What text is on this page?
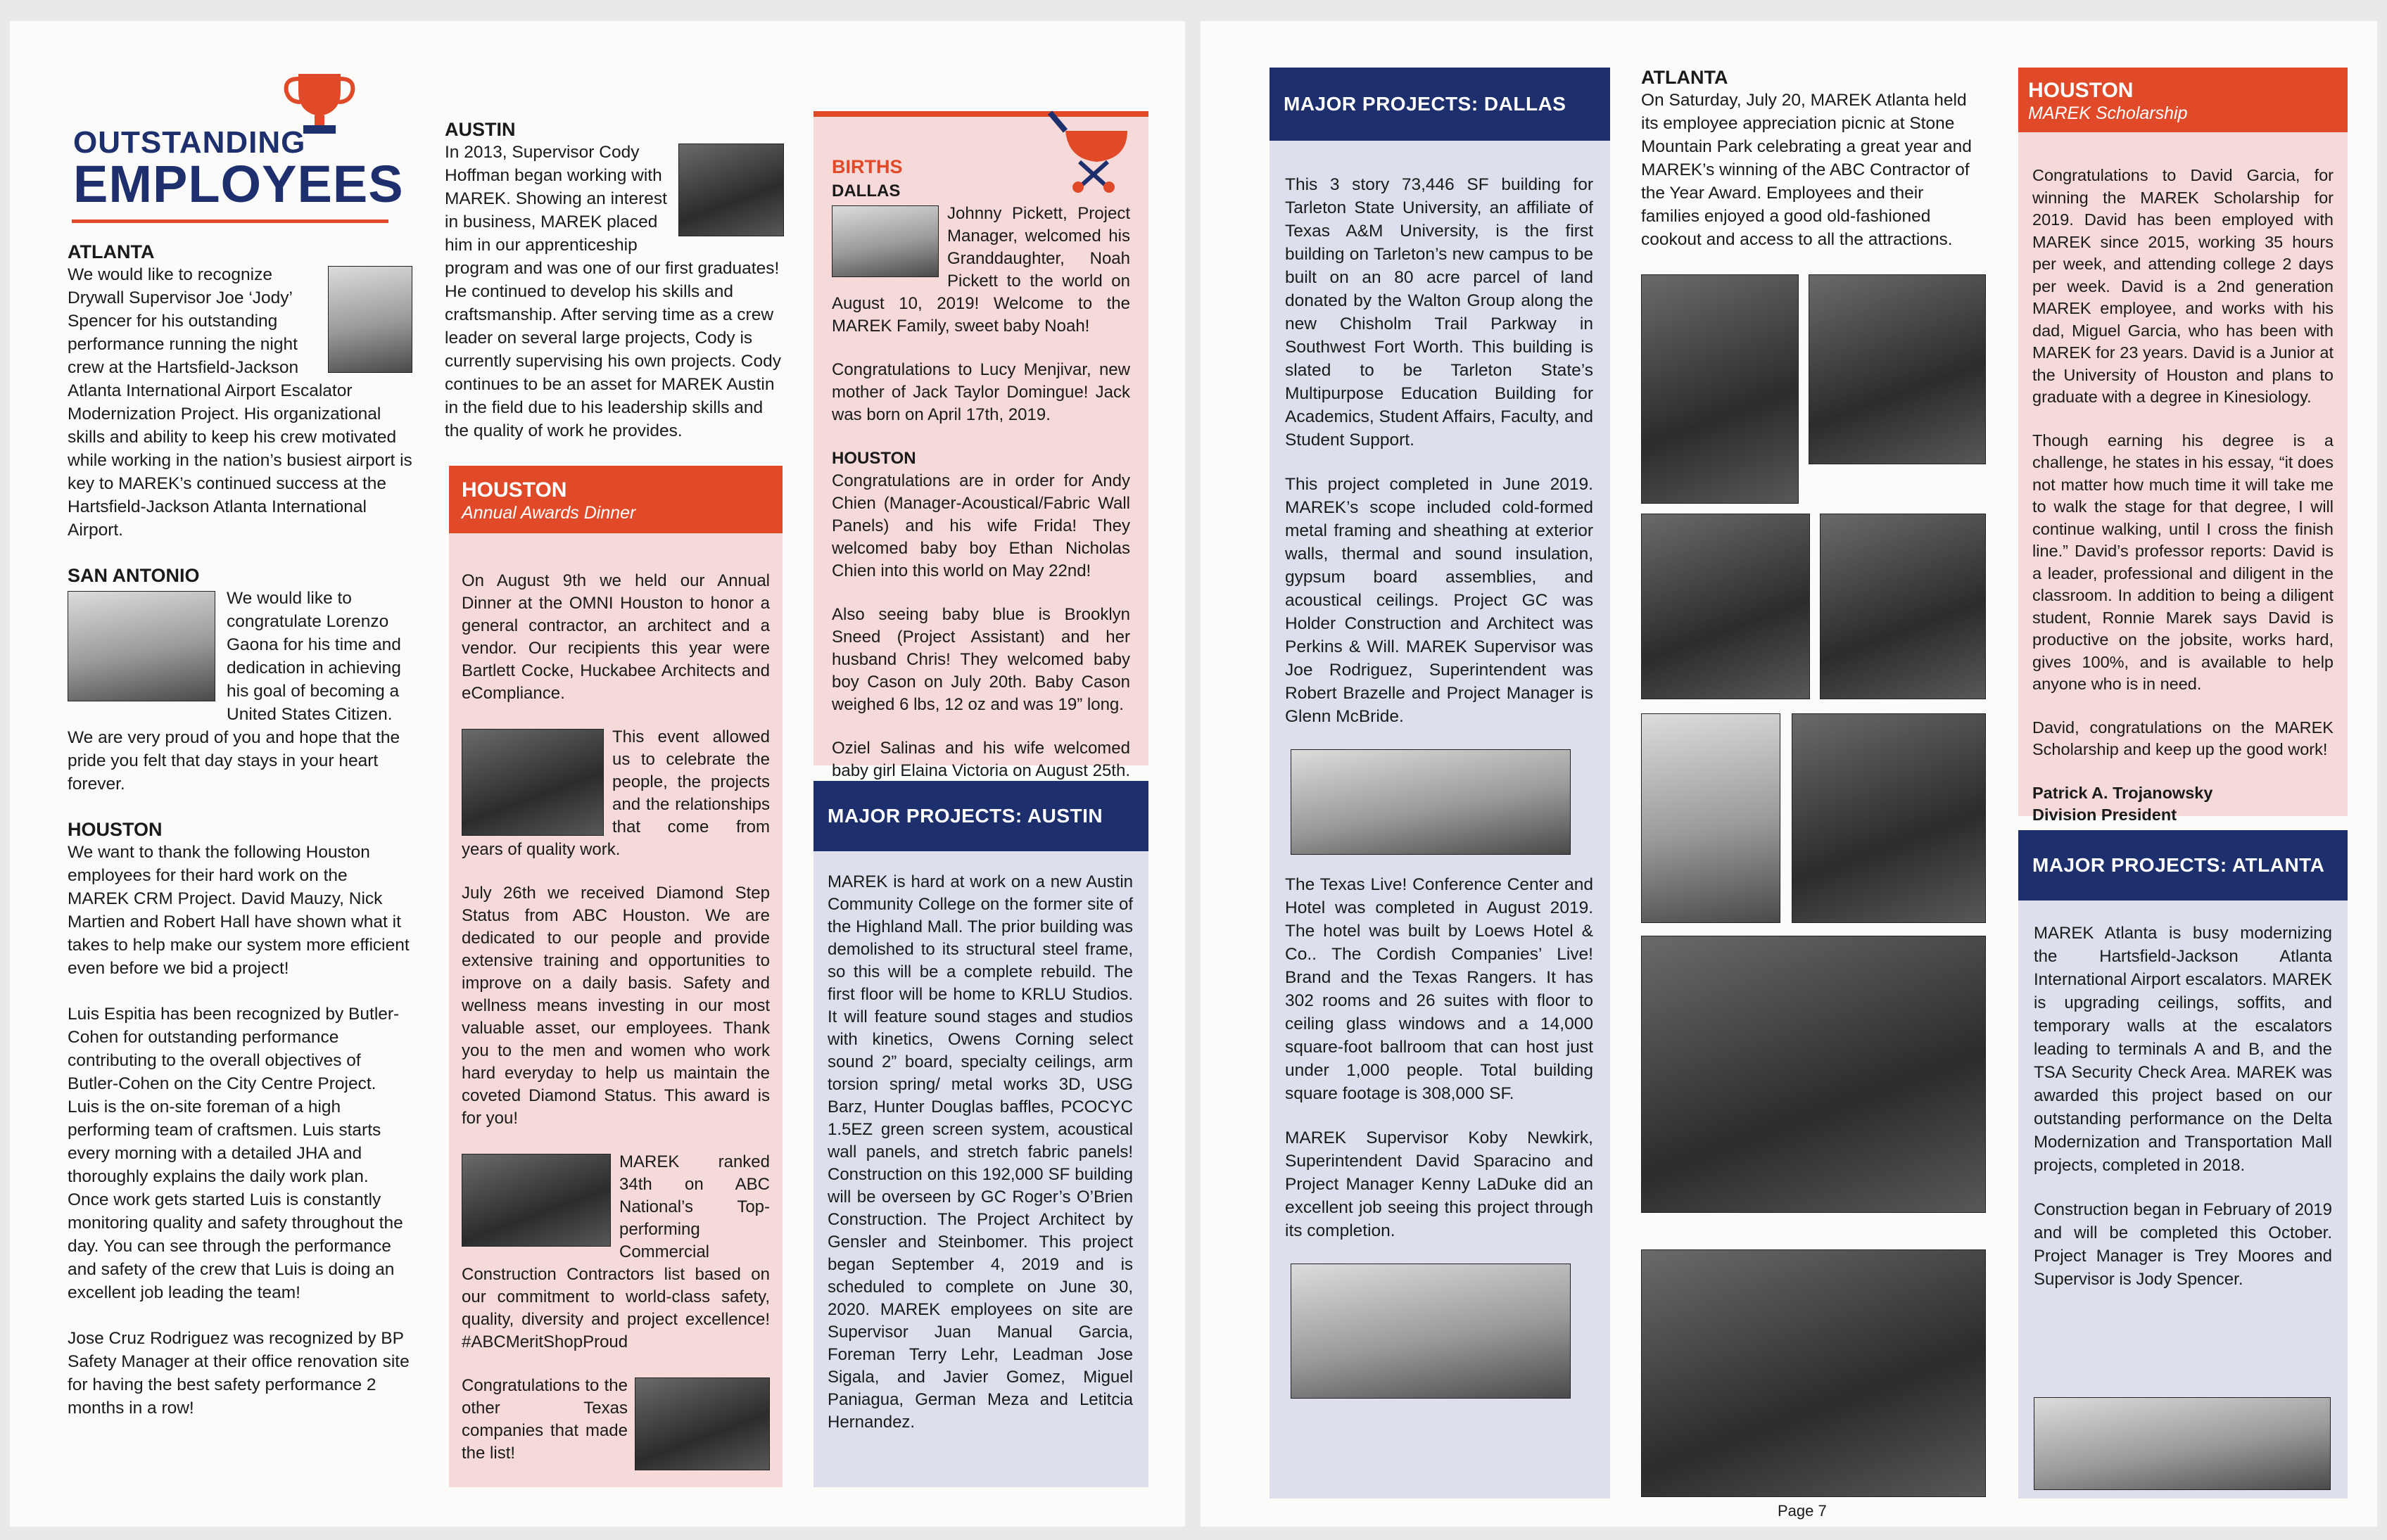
OUTSTANDING
EMPLOYEES
ATLANTA

We would like to recognize Drywall Supervisor Joe ‘Jody’ Spencer for his outstanding performance running the night crew at the Hartsfield-Jackson Atlanta International Airport Escalator Modernization Project. His organizational skills and ability to keep his crew motivated while working in the nation’s busiest airport is key to MAREK’s continued success at the Hartsfield-Jackson Atlanta International Airport.

SAN ANTONIO

We would like to congratulate Lorenzo Gaona for his time and dedication in achieving his goal of becoming a United States Citizen. We are very proud of you and hope that the pride you felt that day stays in your heart forever.

HOUSTON

We want to thank the following Houston employees for their hard work on the MAREK CRM Project. David Mauzy, Nick Martien and Robert Hall have shown what it takes to help make our system more efficient even before we bid a project!

Luis Espitia has been recognized by Butler-Cohen for outstanding performance contributing to the overall objectives of Butler-Cohen on the City Centre Project. Luis is the on-site foreman of a high performing team of craftsmen. Luis starts every morning with a detailed JHA and thoroughly explains the daily work plan. Once work gets started Luis is constantly monitoring quality and safety throughout the day. You can see through the performance and safety of the crew that Luis is doing an excellent job leading the team!

Jose Cruz Rodriguez was recognized by BP Safety Manager at their office renovation site for having the best safety performance 2 months in a row!

AUSTIN

In 2013, Supervisor Cody Hoffman began working with MAREK. Showing an interest in business, MAREK placed him in our apprenticeship program and was one of our first graduates! He continued to develop his skills and craftsmanship. After serving time as a crew leader on several large projects, Cody is currently supervising his own projects. Cody continues to be an asset for MAREK Austin in the field due to his leadership skills and the quality of work he provides.

HOUSTON
Annual Awards Dinner

On August 9th we held our Annual Dinner at the OMNI Houston to honor a general contractor, an architect and a vendor. Our recipients this year were Bartlett Cocke, Huckabee Architects and eCompliance.

This event allowed us to celebrate the people, the projects and the relationships that come from years of quality work.

July 26th we received Diamond Step Status from ABC Houston. We are dedicated to our people and provide extensive training and opportunities to improve on a daily basis. Safety and wellness means investing in our most valuable asset, our employees. Thank you to the men and women who work hard everyday to help us maintain the coveted Diamond Status. This award is for you!

MAREK ranked 34th on ABC National’s Top-performing Commercial Construction Contractors list based on our commitment to world-class safety, quality, diversity and project excellence! #ABCMeritShopProud

Congratulations to the other Texas companies that made the list!

BIRTHS
DALLAS

Johnny Pickett, Project Manager, welcomed his Granddaughter, Noah Pickett to the world on August 10, 2019! Welcome to the MAREK Family, sweet baby Noah!

Congratulations to Lucy Menjivar, new mother of Jack Taylor Domingue! Jack was born on April 17th, 2019.

HOUSTON

Congratulations are in order for Andy Chien (Manager-Acoustical/Fabric Wall Panels) and his wife Frida! They welcomed baby boy Ethan Nicholas Chien into this world on May 22nd!

Also seeing baby blue is Brooklyn Sneed (Project Assistant) and her husband Chris! They welcomed baby boy Cason on July 20th. Baby Cason weighed 6 lbs, 12 oz and was 19” long.

Oziel Salinas and his wife welcomed baby girl Elaina Victoria on August 25th.

MAJOR PROJECTS: AUSTIN

MAREK is hard at work on a new Austin Community College on the former site of the Highland Mall. The prior building was demolished to its structural steel frame, so this will be a complete rebuild. The first floor will be home to KRLU Studios. It will feature sound stages and studios with kinetics, Owens Corning select sound 2” board, specialty ceilings, arm torsion spring/ metal works 3D, USG Barz, Hunter Douglas baffles, PCOCYC 1.5EZ green screen system, acoustical wall panels, and stretch fabric panels! Construction on this 192,000 SF building will be overseen by GC Roger’s O’Brien Construction. The Project Architect by Gensler and Steinbomer. This project began September 4, 2019 and is scheduled to complete on June 30, 2020. MAREK employees on site are Supervisor Juan Manual Garcia, Foreman Terry Lehr, Leadman Jose Sigala, and Javier Gomez, Miguel Paniagua, German Meza and Letitcia Hernandez.

MAJOR PROJECTS: DALLAS

This 3 story 73,446 SF building for Tarleton State University, an affiliate of Texas A&M University, is the first building on Tarleton’s new campus to be built on an 80 acre parcel of land donated by the Walton Group along the new Chisholm Trail Parkway in Southwest Fort Worth. This building is slated to be Tarleton State’s Multipurpose Education Building for Academics, Student Affairs, Faculty, and Student Support.

This project completed in June 2019. MAREK’s scope included cold-formed metal framing and sheathing at exterior walls, thermal and sound insulation, gypsum board assemblies, and acoustical ceilings. Project GC was Holder Construction and Architect was Perkins & Will. MAREK Supervisor was Joe Rodriguez, Superintendent was Robert Brazelle and Project Manager is Glenn McBride.

The Texas Live! Conference Center and Hotel was completed in August 2019. The hotel was built by Loews Hotel & Co.. The Cordish Companies’ Live! Brand and the Texas Rangers. It has 302 rooms and 26 suites with floor to ceiling glass windows and a 14,000 square-foot ballroom that can host just under 1,000 people. Total building square footage is 308,000 SF.

MAREK Supervisor Koby Newkirk, Superintendent David Sparacino and Project Manager Kenny LaDuke did an excellent job seeing this project through its completion.

ATLANTA

On Saturday, July 20, MAREK Atlanta held its employee appreciation picnic at Stone Mountain Park celebrating a great year and MAREK’s winning of the ABC Contractor of the Year Award. Employees and their families enjoyed a good old-fashioned cookout and access to all the attractions.

HOUSTON
MAREK Scholarship

Congratulations to David Garcia, for winning the MAREK Scholarship for 2019. David has been employed with MAREK since 2015, working 35 hours per week, and attending college 2 days per week. David is a 2nd generation MAREK employee, and works with his dad, Miguel Garcia, who has been with MAREK for 23 years. David is a Junior at the University of Houston and plans to graduate with a degree in Kinesiology.

Though earning his degree is a challenge, he states in his essay, “it does not matter how much time it will take me to walk the stage for that degree, I will continue walking, until I cross the finish line.” David’s professor reports: David is a leader, professional and diligent in the classroom. In addition to being a diligent student, Ronnie Marek says David is productive on the jobsite, works hard, gives 100%, and is available to help anyone who is in need.

David, congratulations on the MAREK Scholarship and keep up the good work!

Patrick A. Trojanowsky
Division President
MAJOR PROJECTS: ATLANTA

MAREK Atlanta is busy modernizing the Hartsfield-Jackson Atlanta International Airport escalators. MAREK is upgrading ceilings, soffits, and temporary walls at the escalators leading to terminals A and B, and the TSA Security Check Area. MAREK was awarded this project based on our outstanding performance on the Delta Modernization and Transportation Mall projects, completed in 2018.

Construction began in February of 2019 and will be completed this October. Project Manager is Trey Moores and Supervisor is Jody Spencer.

Page 7
